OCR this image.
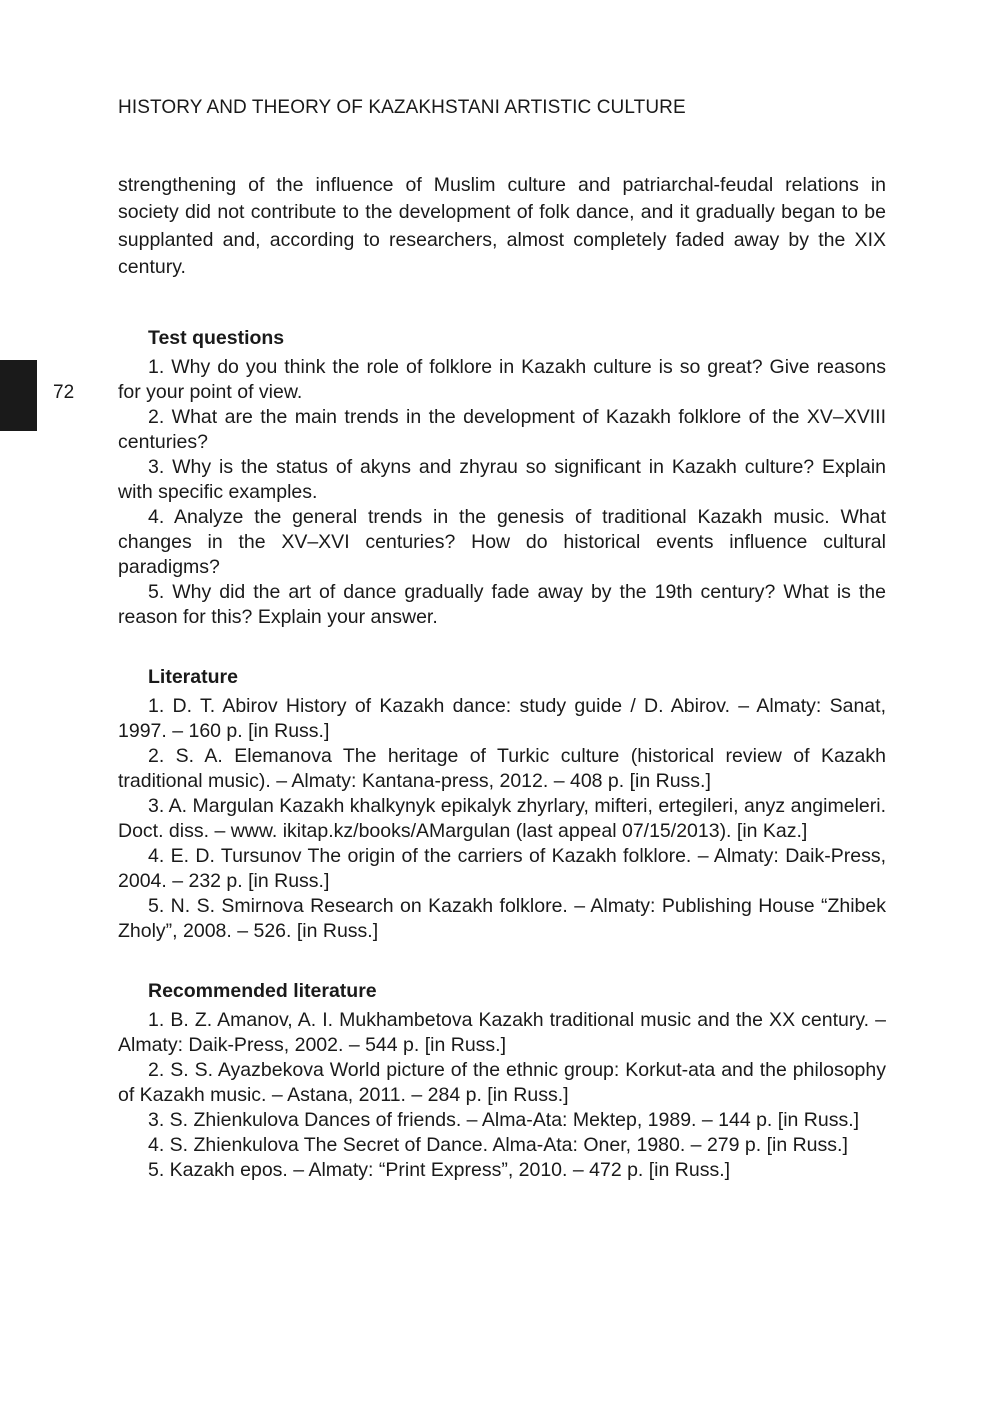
HISTORY AND THEORY OF KAZAKHSTANI ARTISTIC CULTURE
72

strengthening of the influence of Muslim culture and patriarchal-feudal relations in society did not contribute to the development of folk dance, and it gradually began to be supplanted and, according to researchers, almost completely faded away by the XIX century.

Test questions

1. Why do you think the role of folklore in Kazakh culture is so great? Give reasons for your point of view.

2. What are the main trends in the development of Kazakh folklore of the XV–XVIII centuries?

3. Why is the status of akyns and zhyrau so significant in Kazakh culture? Explain with specific examples.

4. Analyze the general trends in the genesis of traditional Kazakh music. What changes in the XV–XVI centuries? How do historical events influence cultural paradigms?

5. Why did the art of dance gradually fade away by the 19th century? What is the reason for this? Explain your answer.

Literature

1. D. T. Abirov History of Kazakh dance: study guide / D. Abirov. – Almaty: Sanat, 1997. – 160 p. [in Russ.]

2. S. A. Elemanova The heritage of Turkic culture (historical review of Kazakh traditional music). – Almaty: Kantana-press, 2012. – 408 p. [in Russ.]

3. A. Margulan Kazakh khalkynyk epikalyk zhyrlary, mifteri, ertegileri, anyz angimeleri. Doct. diss. – www. ikitap.kz/books/AMargulan (last appeal 07/15/2013). [in Kaz.]

4. E. D. Tursunov The origin of the carriers of Kazakh folklore. – Almaty: Daik-Press, 2004. – 232 p. [in Russ.]

5. N. S. Smirnova Research on Kazakh folklore. – Almaty: Publishing House “Zhibek Zholy”, 2008. – 526. [in Russ.]

Recommended literature

1. B. Z. Amanov, A. I. Mukhambetova Kazakh traditional music and the XX century. – Almaty: Daik-Press, 2002. – 544 p. [in Russ.]

2. S. S. Ayazbekova World picture of the ethnic group: Korkut-ata and the philosophy of Kazakh music. – Astana, 2011. – 284 p. [in Russ.]

3. S. Zhienkulova Dances of friends. – Alma-Ata: Mektep, 1989. – 144 p. [in Russ.]

4. S. Zhienkulova The Secret of Dance. Alma-Ata: Oner, 1980. – 279 p. [in Russ.]

5. Kazakh epos. – Almaty: “Print Express”, 2010. – 472 p. [in Russ.]
